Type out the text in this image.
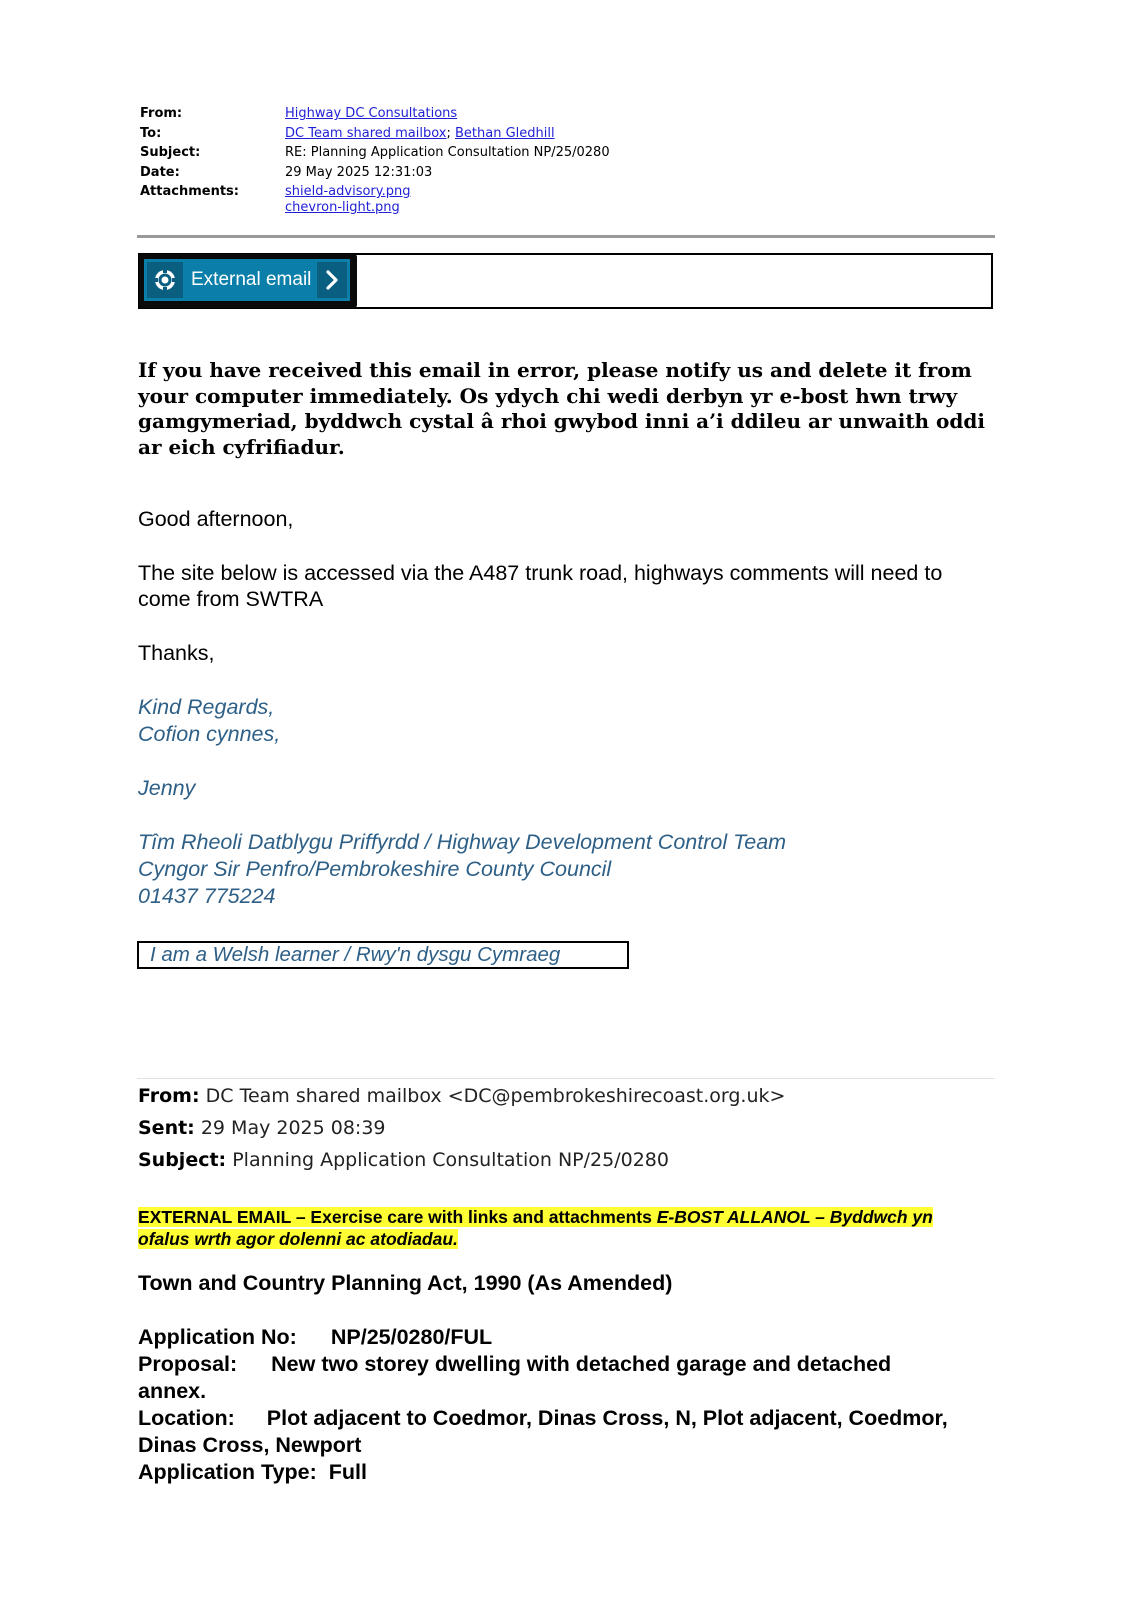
From:	Highway DC Consultations
To:	DC Team shared mailbox; Bethan Gledhill
Subject:	RE: Planning Application Consultation NP/25/0280
Date:	29 May 2025 12:31:03
Attachments:	shield-advisory.png
chevron-light.png
External email
If you have received this email in error, please notify us and delete it from your computer immediately. Os ydych chi wedi derbyn yr e-bost hwn trwy gamgymeriad, byddwch cystal â rhoi gwybod inni a’i ddileu ar unwaith oddi ar eich cyfrifiadur.
Good afternoon,
The site below is accessed via the A487 trunk road, highways comments will need to
come from SWTRA
Thanks,
Kind Regards,
Cofion cynnes,
Jenny
Tîm Rheoli Datblygu Priffyrdd / Highway Development Control Team
Cyngor Sir Penfro/Pembrokeshire County Council
01437 775224
I am a Welsh learner / Rwy'n dysgu Cymraeg
From: DC Team shared mailbox <DC@pembrokeshirecoast.org.uk>
Sent: 29 May 2025 08:39
Subject: Planning Application Consultation NP/25/0280
EXTERNAL EMAIL – Exercise care with links and attachments E-BOST ALLANOL – Byddwch yn
ofalus wrth agor dolenni ac atodiadau.
Town and Country Planning Act, 1990 (As Amended)
Application No: NP/25/0280/FUL
Proposal: New two storey dwelling with detached garage and detached
annex.
Location: Plot adjacent to Coedmor, Dinas Cross, N, Plot adjacent, Coedmor,
Dinas Cross, Newport
Application Type: Full
